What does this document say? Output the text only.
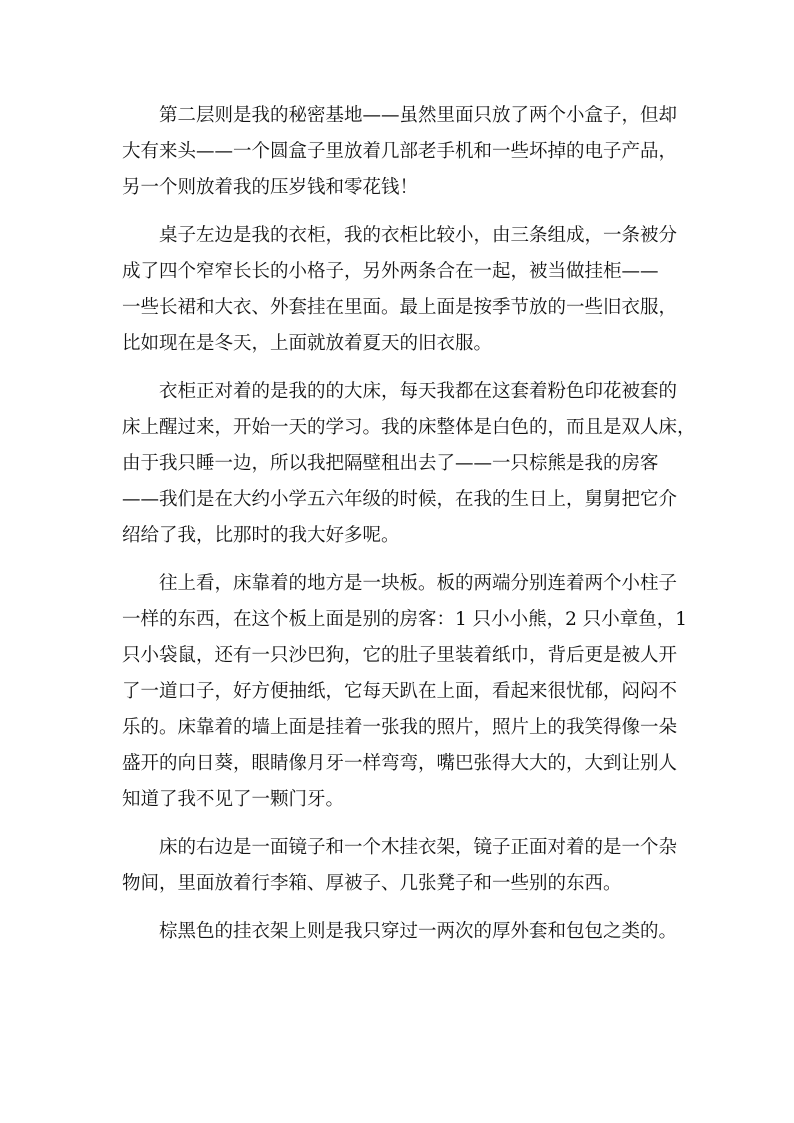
第二层则是我的秘密基地——虽然里面只放了两个小盒子，但却
大有来头——一个圆盒子里放着几部老手机和一些坏掉的电子产品，
另一个则放着我的压岁钱和零花钱！
桌子左边是我的衣柜，我的衣柜比较小，由三条组成，一条被分
成了四个窄窄长长的小格子，另外两条合在一起，被当做挂柜——
一些长裙和大衣、外套挂在里面。最上面是按季节放的一些旧衣服，
比如现在是冬天，上面就放着夏天的旧衣服。
衣柜正对着的是我的的大床，每天我都在这套着粉色印花被套的
床上醒过来，开始一天的学习。我的床整体是白色的，而且是双人床，
由于我只睡一边，所以我把隔壁租出去了——一只棕熊是我的房客
——我们是在大约小学五六年级的时候，在我的生日上，舅舅把它介
绍给了我，比那时的我大好多呢。
往上看，床靠着的地方是一块板。板的两端分别连着两个小柱子
一样的东西，在这个板上面是别的房客：1 只小小熊，2 只小章鱼，1
只小袋鼠，还有一只沙巴狗，它的肚子里装着纸巾，背后更是被人开
了一道口子，好方便抽纸，它每天趴在上面，看起来很忧郁，闷闷不
乐的。床靠着的墙上面是挂着一张我的照片，照片上的我笑得像一朵
盛开的向日葵，眼睛像月牙一样弯弯，嘴巴张得大大的，大到让别人
知道了我不见了一颗门牙。
床的右边是一面镜子和一个木挂衣架，镜子正面对着的是一个杂
物间，里面放着行李箱、厚被子、几张凳子和一些别的东西。
棕黑色的挂衣架上则是我只穿过一两次的厚外套和包包之类的。
